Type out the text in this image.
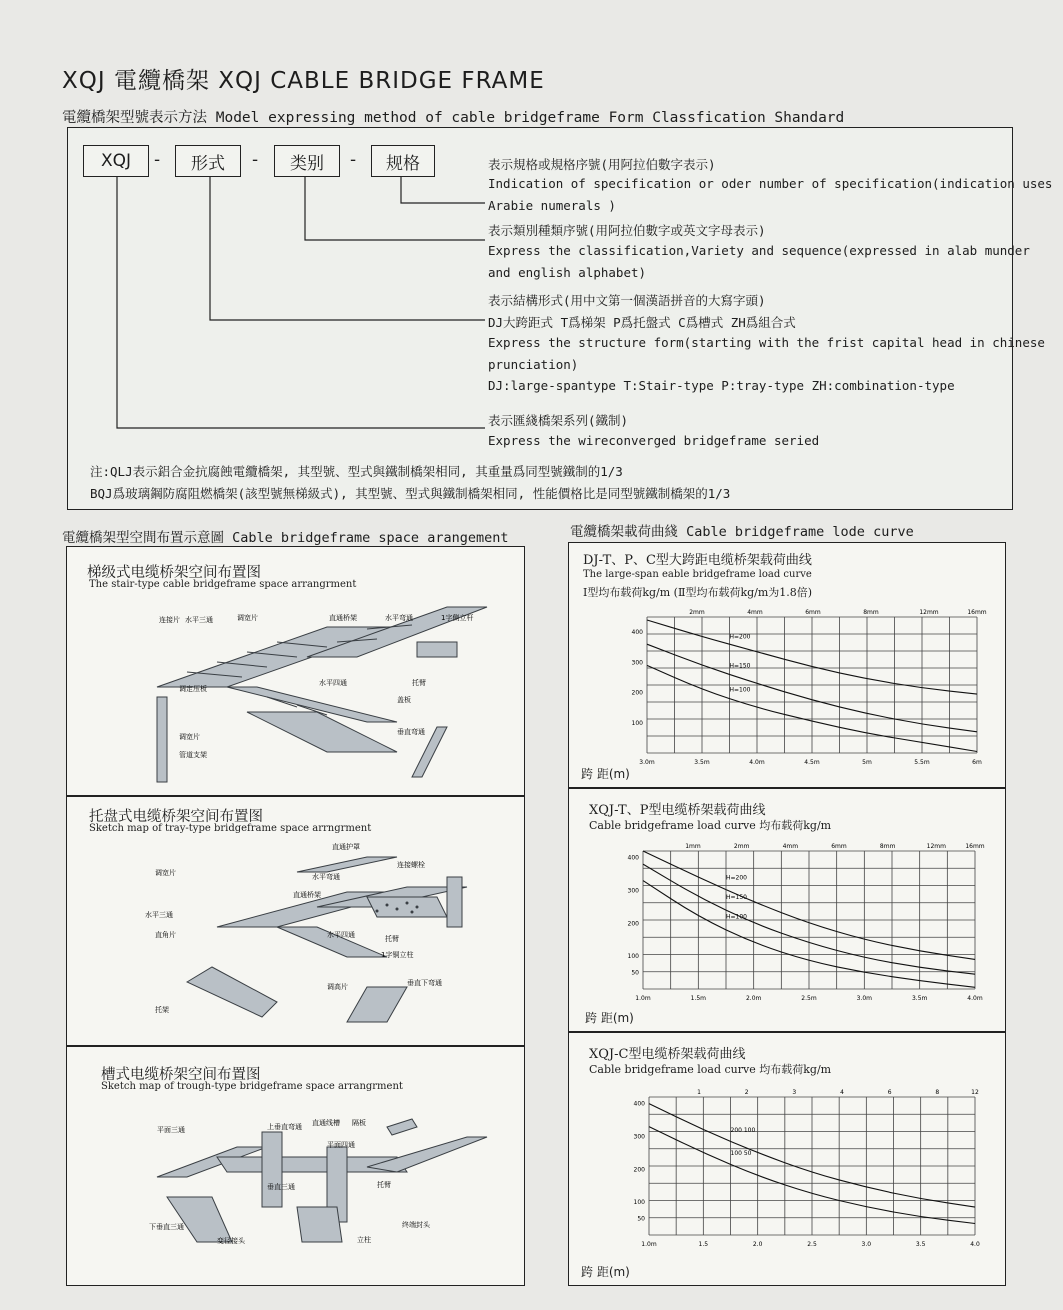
XQJ 電纜橋架 XQJ CABLE BRIDGE FRAME
電纜橋架型號表示方法 Model expressing method of cable bridgeframe Form Classfication Shandard
XQJ	-	形式	-	类别	-	规格	表示規格或規格序號(用阿拉伯數字表示)
Indication of specification or oder number of specification(indication uses
Arabie numerals )
表示類別種類序號(用阿拉伯數字或英文字母表示)
Express the classification,Variety and sequence(expressed in alab munder
and english alphabet)
表示結構形式(用中文第一個漢語拼音的大寫字頭)
DJ大跨距式 T爲梯架 P爲托盤式 C爲槽式 ZH爲組合式
Express the structure form(starting with the frist capital head in chinese
prunciation)
DJ:large-spantype T:Stair-type P:tray-type ZH:combination-type
表示匯綫橋架系列(鐵制)
Express the wireconverged bridgeframe seried
注:QLJ表示鋁合金抗腐蝕電纜橋架, 其型號、型式與鐵制橋架相同, 其重量爲同型號鐵制的1/3
BQJ爲玻璃鋼防腐阻燃橋架(該型號無梯級式), 其型號、型式與鐵制橋架相同, 性能價格比是同型號鐵制橋架的1/3
電纜橋架型空間布置示意圖 Cable bridgeframe space arangement	電纜橋架載荷曲綫 Cable bridgeframe lode curve
梯级式电缆桥架空间布置图
The stair-type cable bridgeframe space arrangrment
连接片 水平三通	调宽片	直通桥架	水平弯通	1字侧立杆
水平四通	托臂
调定压板
调宽片
垂直弯通
盖板
管道支架
托盘式电缆桥架空间布置图
Sketch map of tray-type bridgeframe space arrngrment
直通护罩
连接螺栓
调宽片	水平弯通
直通桥架
水平三通
直角片	水平四通	托臂
1字铜立柱
调高片	垂直下弯通
托架
槽式电缆桥架空间布置图
Sketch map of trough-type bridgeframe space arrangrment
平面三通	上垂直弯通 直通线槽 隔板
平面四通
终端封头
垂直三通	托臂
下垂直三通
变径接头	立柱
DJ-T、P、C型大跨距电缆桥架载荷曲线
The large-span eable bridgeframe load curve
Ⅰ型均布载荷kg/m (Ⅱ型均布载荷kg/m为1.8倍)
3.0m	3.5m	4.0m	4.5m	5m	5.5m	6m
2mm	4mm	6mm	8mm	12mm	16mm
100
200
300
400
H=200
H=150
H=100
跨 距(m)
XQJ-T、P型电缆桥架载荷曲线
Cable bridgeframe load curve 均布载荷kg/m
1.0m	1.5m	2.0m	2.5m	3.0m	3.5m	4.0m
1mm	2mm	4mm	6mm	8mm	12mm	16mm
50
100
200
300
400
H=200
H=150
H=100
跨 距(m)
XQJ-C型电缆桥架载荷曲线
Cable bridgeframe load curve 均布载荷kg/m
1.0m	1.5	2.0	2.5	3.0	3.5	4.0
1	2	3	4	6	8	12
50
100
200
300
400
200 100
100 50
跨 距(m)
